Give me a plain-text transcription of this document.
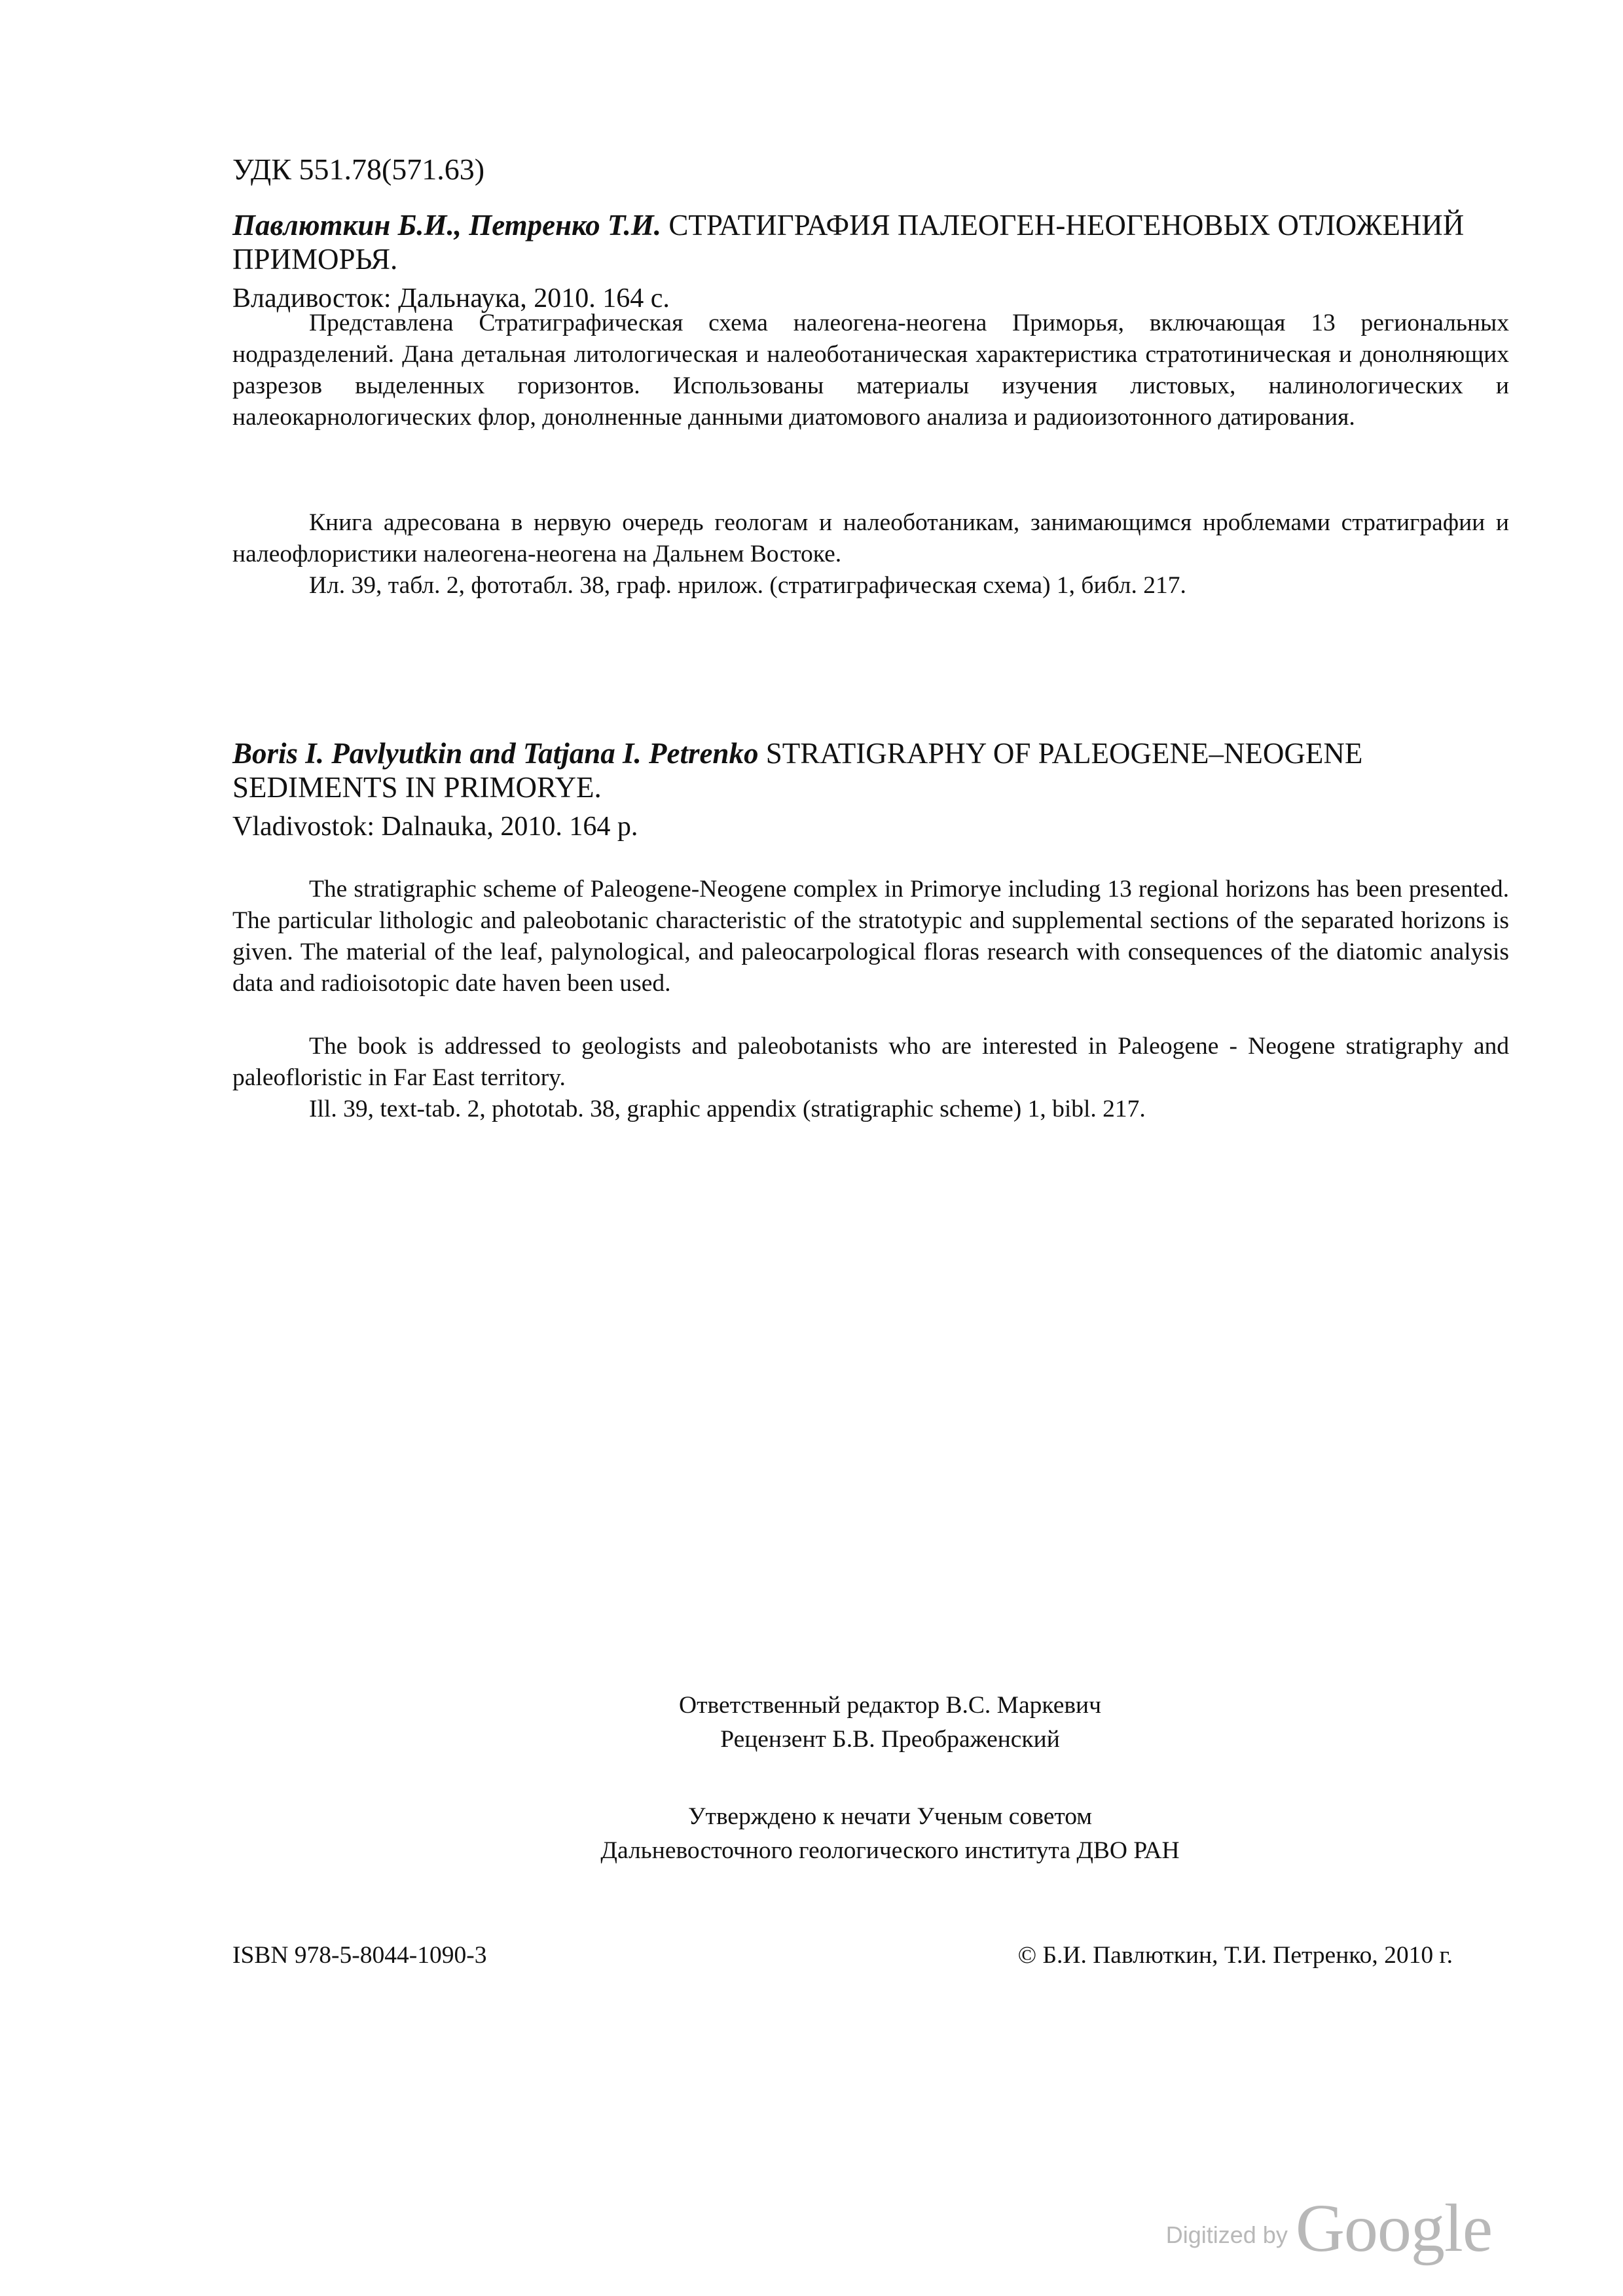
УДК 551.78(571.63)
Павлюткин Б.И., Петренко Т.И. СТРАТИГРАФИЯ ПАЛЕОГЕН-НЕОГЕНОВЫХ ОТЛОЖЕНИЙ ПРИМОРЬЯ.
Владивосток: Дальнаука, 2010. 164 с.

Представлена Стратиграфическая схема налеогена-неогена Приморья, включающая 13 региональных нодразделений. Дана детальная литологическая и налеоботаническая характеристика стратотиническая и донолняющих разрезов выделенных горизонтов. Использованы материалы изучения листовых, налинологических и налеокарнологических флор, донолненные данными диатомового анализа и радиоизотонного датирования.

Книга адресована в нервую очередь геологам и налеоботаникам, занимающимся нроблемами стратиграфии и налеофлористики налеогена-неогена на Дальнем Востоке.

Ил. 39, табл. 2, фототабл. 38, граф. нрилож. (стратиграфическая схема) 1, библ. 217.

Boris I. Pavlyutkin and Tatjana I. Petrenko STRATIGRAPHY OF PALEOGENE–NEOGENE SEDIMENTS IN PRIMORYE.
Vladivostok: Dalnauka, 2010. 164 p.

The stratigraphic scheme of Paleogene-Neogene complex in Primorye including 13 regional horizons has been presented. The particular lithologic and paleobotanic characteristic of the stratotypic and supplemental sections of the separated horizons is given. The material of the leaf, palynological, and paleocarpological floras research with consequences of the diatomic analysis data and radioisotopic date haven been used.

The book is addressed to geologists and paleobotanists who are interested in Paleogene - Neogene stratigraphy and paleofloristic in Far East territory.

Ill. 39, text-tab. 2, phototab. 38, graphic appendix (stratigraphic scheme) 1, bibl. 217.

Ответственный редактор В.С. Маркевич
Рецензент Б.В. Преображенский
Утверждено к нечати Ученым советом
Дальневосточного геологического института ДВО РАН
ISBN 978-5-8044-1090-3	© Б.И. Павлюткин, Т.И. Петренко, 2010 г.
Digitized by Google
